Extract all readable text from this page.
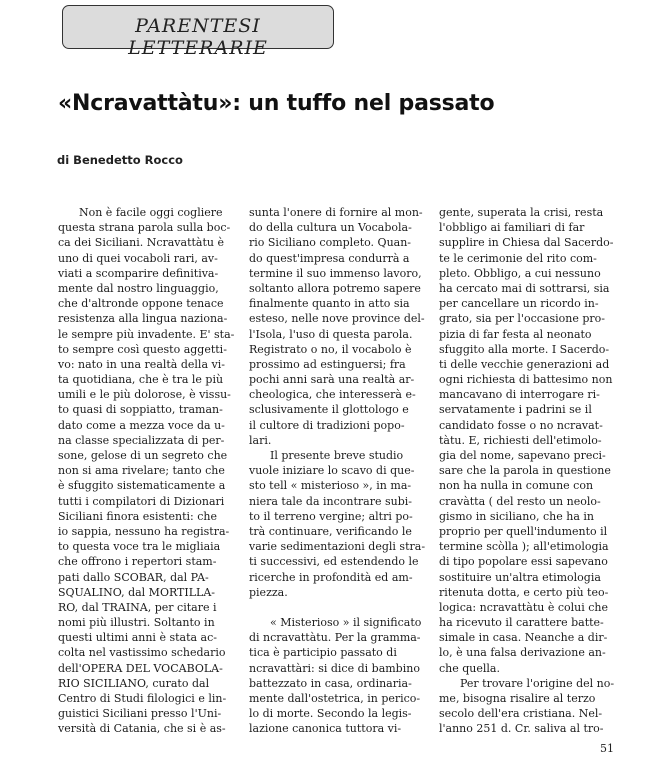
PARENTESI LETTERARIE
«Ncravattàtu»: un tuffo nel passato
di Benedetto Rocco
Non è facile oggi cogliere
questa strana parola sulla boc-
ca dei Siciliani. Ncravattàtu è
uno di quei vocaboli rari, av-
viati a scomparire definitiva-
mente dal nostro linguaggio,
che d'altronde oppone tenace
resistenza alla lingua naziona-
le sempre più invadente. E' sta-
to sempre così questo aggetti-
vo: nato in una realtà della vi-
ta quotidiana, che è tra le più
umili e le più dolorose, è vissu-
to quasi di soppiatto, traman-
dato come a mezza voce da u-
na classe specializzata di per-
sone, gelose di un segreto che
non si ama rivelare; tanto che
è sfuggito sistematicamente a
tutti i compilatori di Dizionari
Siciliani finora esistenti: che
io sappia, nessuno ha registra-
to questa voce tra le migliaia
che offrono i repertori stam-
pati dallo SCOBAR, dal PA-
SQUALINO, dal MORTILLA-
RO, dal TRAINA, per citare i
nomi più illustri. Soltanto in
questi ultimi anni è stata ac-
colta nel vastissimo schedario
dell'OPERA DEL VOCABOLA-
RIO SICILIANO, curato dal
Centro di Studi filologici e lin-
guistici Siciliani presso l'Uni-
versità di Catania, che si è as-
sunta l'onere di fornire al mon-
do della cultura un Vocabola-
rio Siciliano completo. Quan-
do quest'impresa condurrà a
termine il suo immenso lavoro,
soltanto allora potremo sapere
finalmente quanto in atto sia
esteso, nelle nove province del-
l'Isola, l'uso di questa parola.
Registrato o no, il vocabolo è
prossimo ad estinguersi; fra
pochi anni sarà una realtà ar-
cheologica, che interesserà e-
sclusivamente il glottologo e
il cultore di tradizioni popo-
lari.
Il presente breve studio
vuole iniziare lo scavo di que-
sto tell « misterioso », in ma-
niera tale da incontrare subi-
to il terreno vergine; altri po-
trà continuare, verificando le
varie sedimentazioni degli stra-
ti successivi, ed estendendo le
ricerche in profondità ed am-
piezza.
« Misterioso » il significato
di ncravattàtu. Per la gramma-
tica è participio passato di
ncravattàri: si dice di bambino
battezzato in casa, ordinaria-
mente dall'ostetrica, in perico-
lo di morte. Secondo la legis-
lazione canonica tuttora vi-
gente, superata la crisi, resta
l'obbligo ai familiari di far
supplire in Chiesa dal Sacerdo-
te le cerimonie del rito com-
pleto. Obbligo, a cui nessuno
ha cercato mai di sottrarsi, sia
per cancellare un ricordo in-
grato, sia per l'occasione pro-
pizia di far festa al neonato
sfuggito alla morte. I Sacerdo-
ti delle vecchie generazioni ad
ogni richiesta di battesimo non
mancavano di interrogare ri-
servatamente i padrini se il
candidato fosse o no ncravat-
tàtu. E, richiesti dell'etimolo-
gia del nome, sapevano preci-
sare che la parola in questione
non ha nulla in comune con
cravàtta ( del resto un neolo-
gismo in siciliano, che ha in
proprio per quell'indumento il
termine scòlla ); all'etimologia
di tipo popolare essi sapevano
sostituire un'altra etimologia
ritenuta dotta, e certo più teo-
logica: ncravattàtu è colui che
ha ricevuto il carattere batte-
simale in casa. Neanche a dir-
lo, è una falsa derivazione an-
che quella.
Per trovare l'origine del no-
me, bisogna risalire al terzo
secolo dell'era cristiana. Nel-
l'anno 251 d. Cr. saliva al tro-
51
